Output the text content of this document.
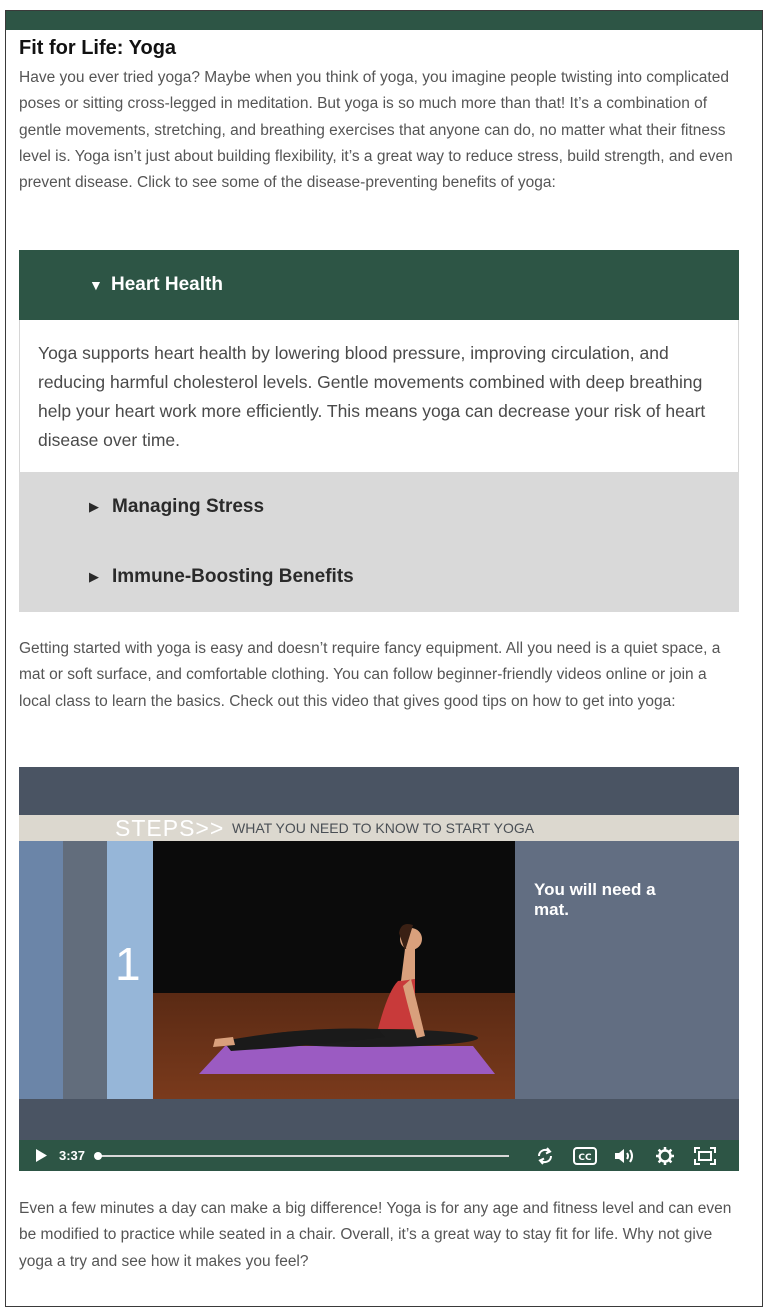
Fit for Life: Yoga

Have you ever tried yoga? Maybe when you think of yoga, you imagine people twisting into complicated poses or sitting cross-legged in meditation. But yoga is so much more than that! It’s a combination of gentle movements, stretching, and breathing exercises that anyone can do, no matter what their fitness level is. Yoga isn’t just about building flexibility, it’s a great way to reduce stress, build strength, and even prevent disease. Click to see some of the disease-preventing benefits of yoga:

▼ Heart Health
Yoga supports heart health by lowering blood pressure, improving circulation, and reducing harmful cholesterol levels. Gentle movements combined with deep breathing help your heart work more efficiently. This means yoga can decrease your risk of heart disease over time.
▶ Managing Stress
▶ Immune-Boosting Benefits

Getting started with yoga is easy and doesn’t require fancy equipment. All you need is a quiet space, a mat or soft surface, and comfortable clothing. You can follow beginner-friendly videos online or join a local class to learn the basics. Check out this video that gives good tips on how to get into yoga:

STEPS>> WHAT YOU NEED TO KNOW TO START YOGA
1
You will need a mat.
3:37	CC

Even a few minutes a day can make a big difference! Yoga is for any age and fitness level and can even be modified to practice while seated in a chair. Overall, it’s a great way to stay fit for life. Why not give yoga a try and see how it makes you feel?
